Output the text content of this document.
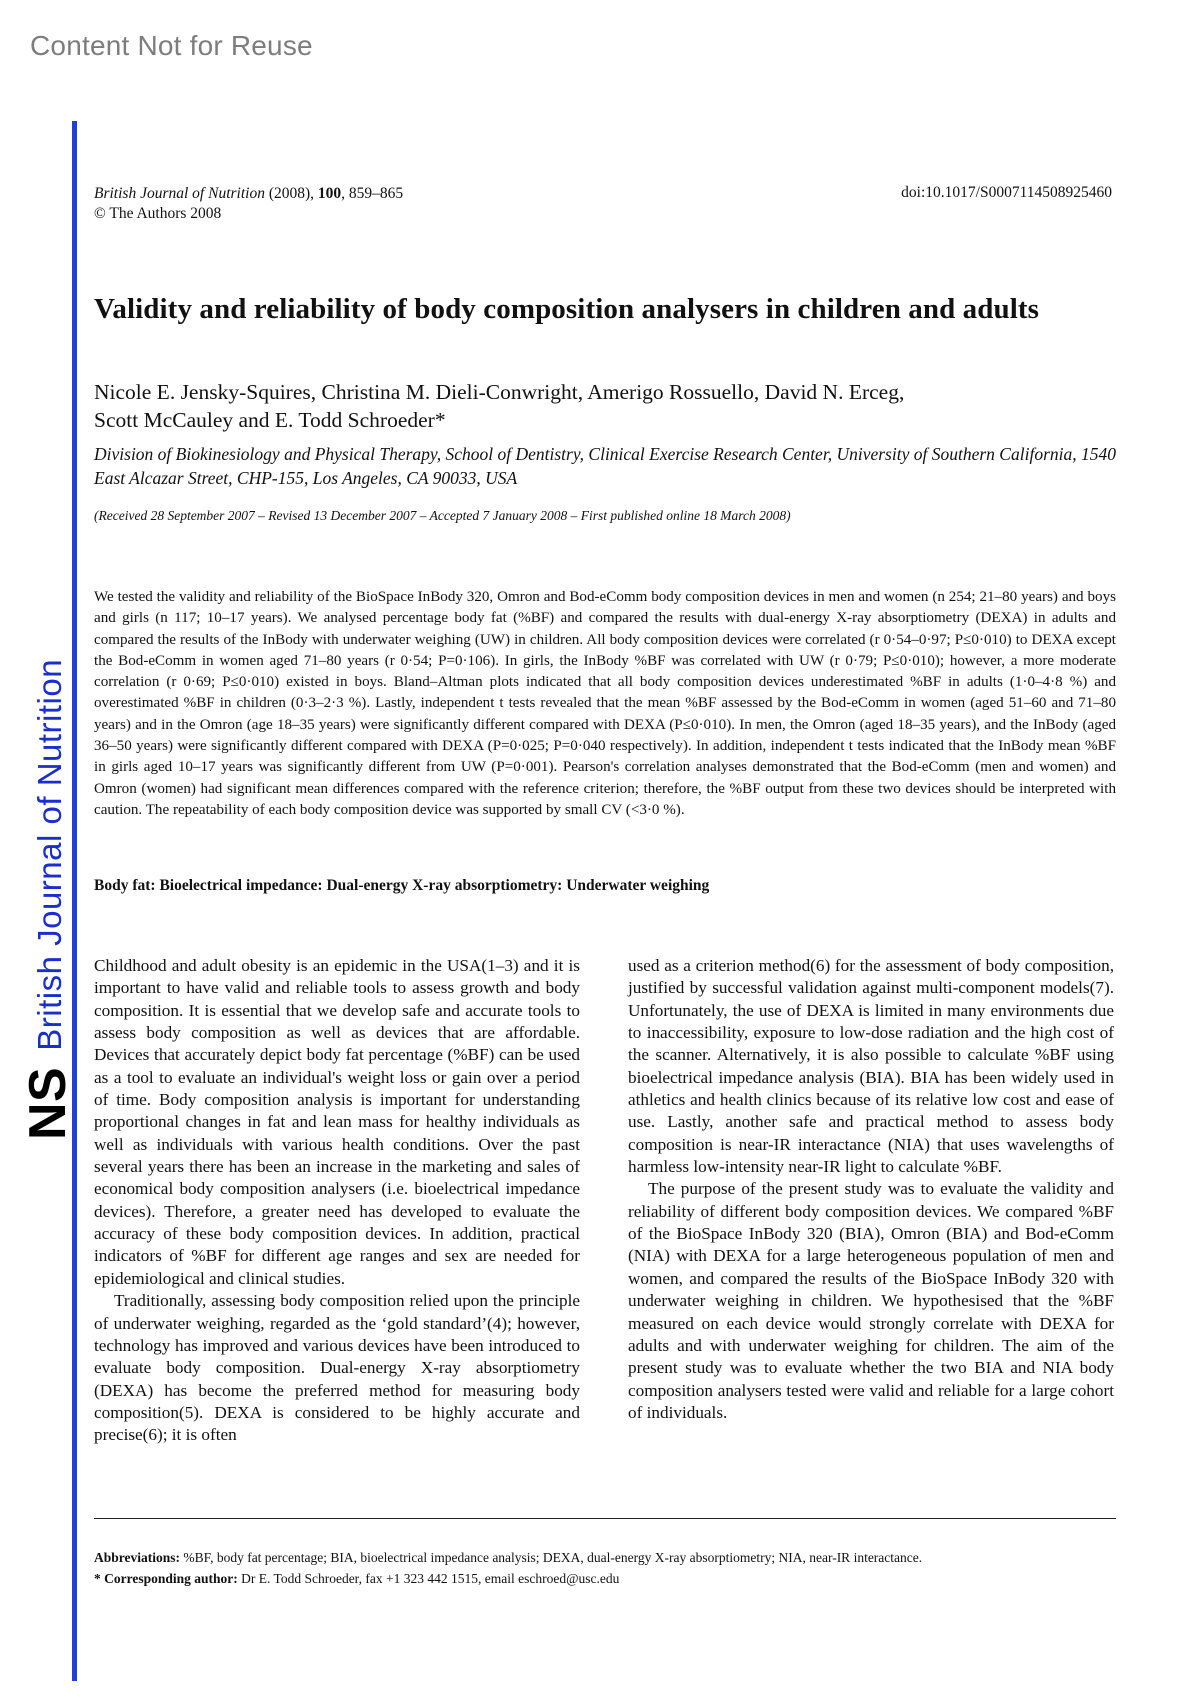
Content Not for Reuse
NSBritish Journal of Nutrition
British Journal of Nutrition (2008), 100, 859–865
© The Authors 2008
doi:10.1017/S0007114508925460
Validity and reliability of body composition analysers in children and adults
Nicole E. Jensky-Squires, Christina M. Dieli-Conwright, Amerigo Rossuello, David N. Erceg,
Scott McCauley and E. Todd Schroeder*
Division of Biokinesiology and Physical Therapy, School of Dentistry, Clinical Exercise Research Center, University of Southern California, 1540 East Alcazar Street, CHP-155, Los Angeles, CA 90033, USA
(Received 28 September 2007 – Revised 13 December 2007 – Accepted 7 January 2008 – First published online 18 March 2008)
We tested the validity and reliability of the BioSpace InBody 320, Omron and Bod-eComm body composition devices in men and women (n 254; 21–80 years) and boys and girls (n 117; 10–17 years). We analysed percentage body fat (%BF) and compared the results with dual-energy X-ray absorptiometry (DEXA) in adults and compared the results of the InBody with underwater weighing (UW) in children. All body composition devices were correlated (r 0·54–0·97; P≤0·010) to DEXA except the Bod-eComm in women aged 71–80 years (r 0·54; P=0·106). In girls, the InBody %BF was correlated with UW (r 0·79; P≤0·010); however, a more moderate correlation (r 0·69; P≤0·010) existed in boys. Bland–Altman plots indicated that all body composition devices underestimated %BF in adults (1·0–4·8 %) and overestimated %BF in children (0·3–2·3 %). Lastly, independent t tests revealed that the mean %BF assessed by the Bod-eComm in women (aged 51–60 and 71–80 years) and in the Omron (age 18–35 years) were significantly different compared with DEXA (P≤0·010). In men, the Omron (aged 18–35 years), and the InBody (aged 36–50 years) were significantly different compared with DEXA (P=0·025; P=0·040 respectively). In addition, independent t tests indicated that the InBody mean %BF in girls aged 10–17 years was significantly different from UW (P=0·001). Pearson's correlation analyses demonstrated that the Bod-eComm (men and women) and Omron (women) had significant mean differences compared with the reference criterion; therefore, the %BF output from these two devices should be interpreted with caution. The repeatability of each body composition device was supported by small CV (<3·0 %).
Body fat: Bioelectrical impedance: Dual-energy X-ray absorptiometry: Underwater weighing

Childhood and adult obesity is an epidemic in the USA(1–3) and it is important to have valid and reliable tools to assess growth and body composition. It is essential that we develop safe and accurate tools to assess body composition as well as devices that are affordable. Devices that accurately depict body fat percentage (%BF) can be used as a tool to evaluate an individual's weight loss or gain over a period of time. Body composition analysis is important for understanding proportional changes in fat and lean mass for healthy individuals as well as individuals with various health conditions. Over the past several years there has been an increase in the marketing and sales of economical body composition analysers (i.e. bioelectrical impedance devices). Therefore, a greater need has developed to evaluate the accuracy of these body composition devices. In addition, practical indicators of %BF for different age ranges and sex are needed for epidemiological and clinical studies.

Traditionally, assessing body composition relied upon the principle of underwater weighing, regarded as the ‘gold standard’(4); however, technology has improved and various devices have been introduced to evaluate body composition. Dual-energy X-ray absorptiometry (DEXA) has become the preferred method for measuring body composition(5). DEXA is considered to be highly accurate and precise(6); it is often

used as a criterion method(6) for the assessment of body composition, justified by successful validation against multi-component models(7). Unfortunately, the use of DEXA is limited in many environments due to inaccessibility, exposure to low-dose radiation and the high cost of the scanner. Alternatively, it is also possible to calculate %BF using bioelectrical impedance analysis (BIA). BIA has been widely used in athletics and health clinics because of its relative low cost and ease of use. Lastly, another safe and practical method to assess body composition is near-IR interactance (NIA) that uses wavelengths of harmless low-intensity near-IR light to calculate %BF.

The purpose of the present study was to evaluate the validity and reliability of different body composition devices. We compared %BF of the BioSpace InBody 320 (BIA), Omron (BIA) and Bod-eComm (NIA) with DEXA for a large heterogeneous population of men and women, and compared the results of the BioSpace InBody 320 with underwater weighing in children. We hypothesised that the %BF measured on each device would strongly correlate with DEXA for adults and with underwater weighing for children. The aim of the present study was to evaluate whether the two BIA and NIA body composition analysers tested were valid and reliable for a large cohort of individuals.

Abbreviations: %BF, body fat percentage; BIA, bioelectrical impedance analysis; DEXA, dual-energy X-ray absorptiometry; NIA, near-IR interactance.
* Corresponding author: Dr E. Todd Schroeder, fax +1 323 442 1515, email eschroed@usc.edu
